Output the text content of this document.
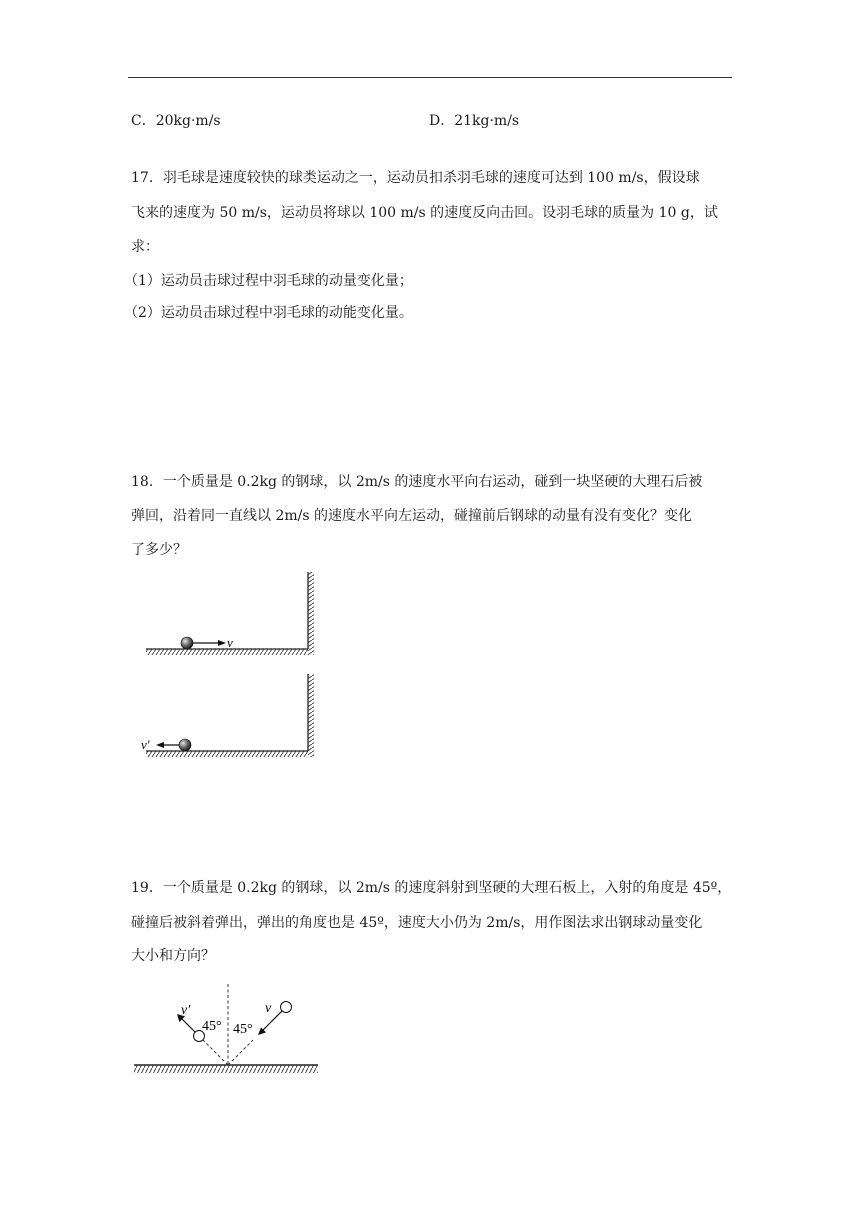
C．20kg·m/s	D．21kg·m/s
17．羽毛球是速度较快的球类运动之一，运动员扣杀羽毛球的速度可达到 100 m/s，假设球
飞来的速度为 50 m/s，运动员将球以 100 m/s 的速度反向击回。设羽毛球的质量为 10 g，试
求：
（1）运动员击球过程中羽毛球的动量变化量；
（2）运动员击球过程中羽毛球的动能变化量。
18．一个质量是 0.2kg 的钢球，以 2m/s 的速度水平向右运动，碰到一块坚硬的大理石后被
弹回，沿着同一直线以 2m/s 的速度水平向左运动，碰撞前后钢球的动量有没有变化？变化
了多少？
v
v′
19．一个质量是 0.2kg 的钢球，以 2m/s 的速度斜射到坚硬的大理石板上，入射的角度是 45º，
碰撞后被斜着弹出，弹出的角度也是 45º，速度大小仍为 2m/s，用作图法求出钢球动量变化
大小和方向？
v′	v
45° 45°
